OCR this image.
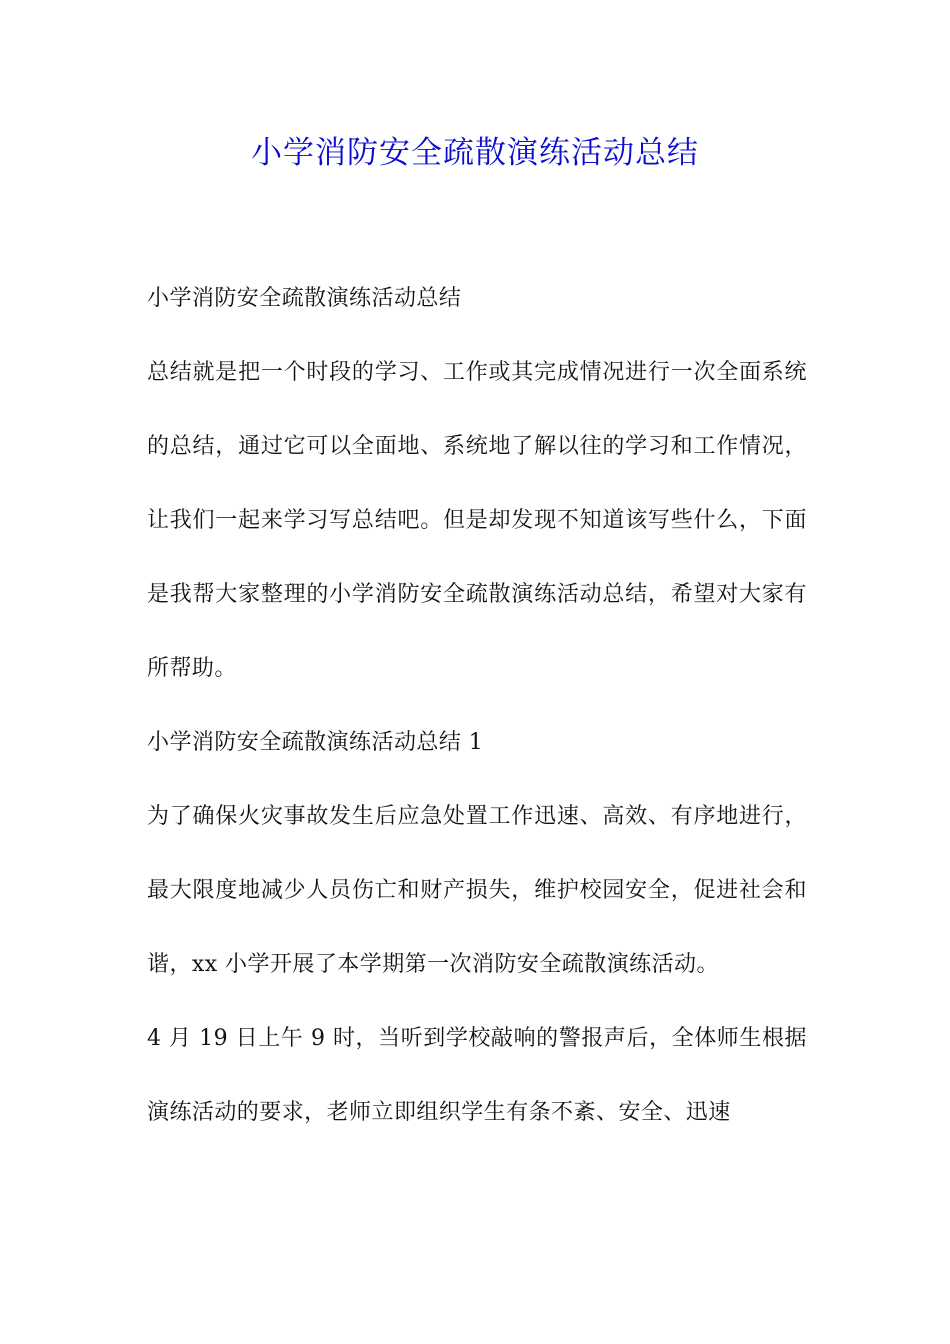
小学消防安全疏散演练活动总结

小学消防安全疏散演练活动总结

总结就是把一个时段的学习、工作或其完成情况进行一次全面系统的总结，通过它可以全面地、系统地了解以往的学习和工作情况，让我们一起来学习写总结吧。但是却发现不知道该写些什么，下面是我帮大家整理的小学消防安全疏散演练活动总结，希望对大家有所帮助。

小学消防安全疏散演练活动总结 1

为了确保火灾事故发生后应急处置工作迅速、高效、有序地进行，最大限度地减少人员伤亡和财产损失，维护校园安全，促进社会和谐，xx 小学开展了本学期第一次消防安全疏散演练活动。

4 月 19 日上午 9 时，当听到学校敲响的警报声后，全体师生根据演练活动的要求，老师立即组织学生有条不紊、安全、迅速
